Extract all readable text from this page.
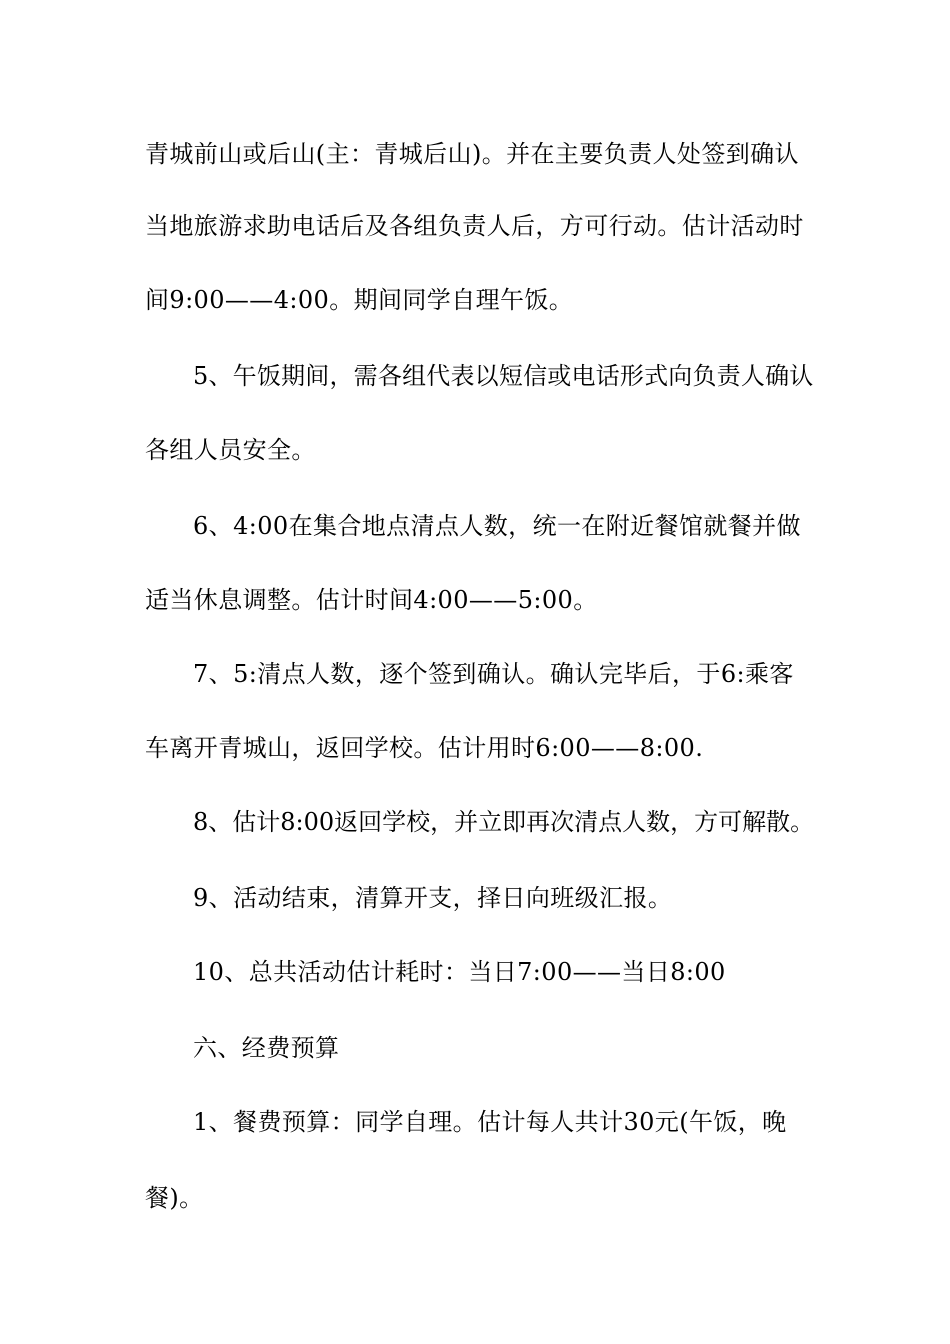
青城前山或后山(主：青城后山)。并在主要负责人处签到确认
当地旅游求助电话后及各组负责人后，方可行动。估计活动时
间9:00——4:00。期间同学自理午饭。
5、午饭期间，需各组代表以短信或电话形式向负责人确认
各组人员安全。
6、4:00在集合地点清点人数，统一在附近餐馆就餐并做
适当休息调整。估计时间4:00——5:00。
7、5:清点人数，逐个签到确认。确认完毕后，于6:乘客
车离开青城山，返回学校。估计用时6:00——8:00.
8、估计8:00返回学校，并立即再次清点人数，方可解散。
9、活动结束，清算开支，择日向班级汇报。
10、总共活动估计耗时：当日7:00——当日8:00
六、经费预算
1、餐费预算：同学自理。估计每人共计30元(午饭，晚
餐)。
